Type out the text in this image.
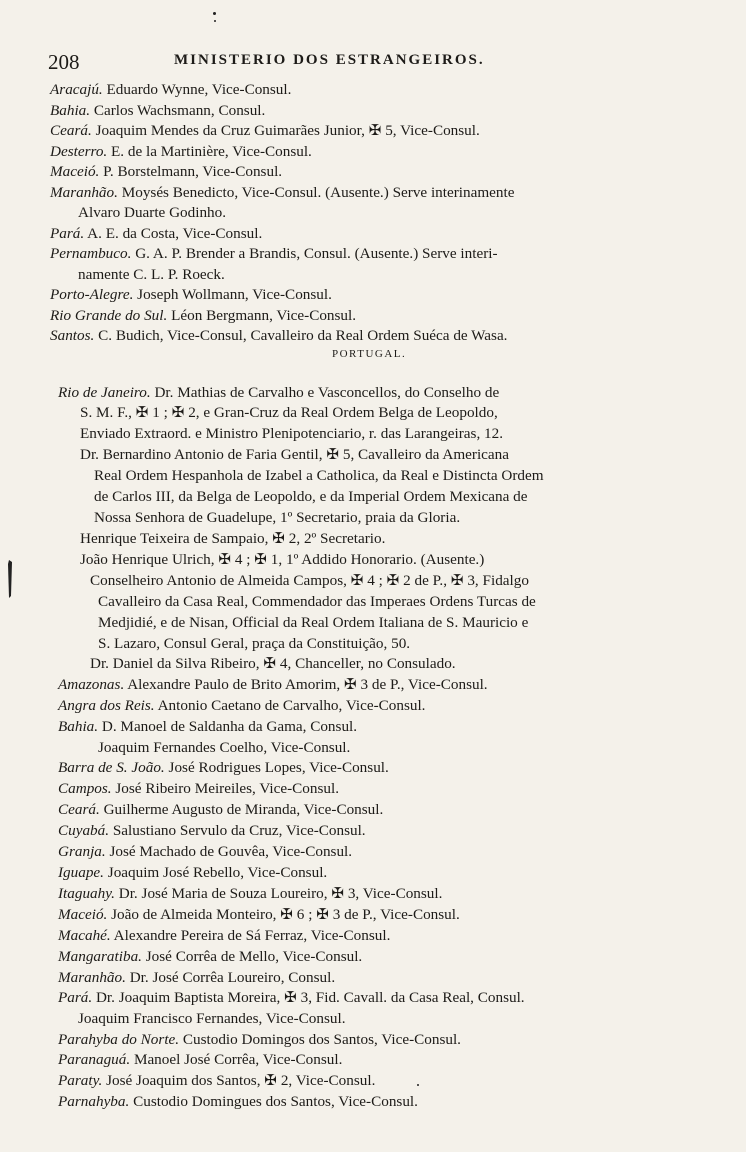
208	MINISTERIO DOS ESTRANGEIROS.
Aracajú. Eduardo Wynne, Vice-Consul.
Bahia. Carlos Wachsmann, Consul.
Ceará. Joaquim Mendes da Cruz Guimarães Junior, ✠ 5, Vice-Consul.
Desterro. E. de la Martinière, Vice-Consul.
Maceió. P. Borstelmann, Vice-Consul.
Maranhão. Moysés Benedicto, Vice-Consul. (Ausente.) Serve interinamente
Alvaro Duarte Godinho.
Pará. A. E. da Costa, Vice-Consul.
Pernambuco. G. A. P. Brender a Brandis, Consul. (Ausente.) Serve interi-
namente C. L. P. Roeck.
Porto-Alegre. Joseph Wollmann, Vice-Consul.
Rio Grande do Sul. Léon Bergmann, Vice-Consul.
Santos. C. Budich, Vice-Consul, Cavalleiro da Real Ordem Suéca de Wasa.
Rio de Janeiro. Dr. Mathias de Carvalho e Vasconcellos, do Conselho de
S. M. F., ✠ 1 ; ✠ 2, e Gran-Cruz da Real Ordem Belga de Leopoldo,
Enviado Extraord. e Ministro Plenipotenciario, r. das Larangeiras, 12.
Dr. Bernardino Antonio de Faria Gentil, ✠ 5, Cavalleiro da Americana
Real Ordem Hespanhola de Izabel a Catholica, da Real e Distincta Ordem
de Carlos III, da Belga de Leopoldo, e da Imperial Ordem Mexicana de
Nossa Senhora de Guadelupe, 1º Secretario, praia da Gloria.
Henrique Teixeira de Sampaio, ✠ 2, 2º Secretario.
João Henrique Ulrich, ✠ 4 ; ✠ 1, 1º Addido Honorario. (Ausente.)
Conselheiro Antonio de Almeida Campos, ✠ 4 ; ✠ 2 de P., ✠ 3, Fidalgo
Cavalleiro da Casa Real, Commendador das Imperaes Ordens Turcas de
Medjidié, e de Nisan, Official da Real Ordem Italiana de S. Mauricio e
S. Lazaro, Consul Geral, praça da Constituição, 50.
Dr. Daniel da Silva Ribeiro, ✠ 4, Chanceller, no Consulado.
Amazonas. Alexandre Paulo de Brito Amorim, ✠ 3 de P., Vice-Consul.
Angra dos Reis. Antonio Caetano de Carvalho, Vice-Consul.
Bahia. D. Manoel de Saldanha da Gama, Consul.
Joaquim Fernandes Coelho, Vice-Consul.
Barra de S. João. José Rodrigues Lopes, Vice-Consul.
Campos. José Ribeiro Meireiles, Vice-Consul.
Ceará. Guilherme Augusto de Miranda, Vice-Consul.
Cuyabá. Salustiano Servulo da Cruz, Vice-Consul.
Granja. José Machado de Gouvêa, Vice-Consul.
Iguape. Joaquim José Rebello, Vice-Consul.
Itaguahy. Dr. José Maria de Souza Loureiro, ✠ 3, Vice-Consul.
Maceió. João de Almeida Monteiro, ✠ 6 ; ✠ 3 de P., Vice-Consul.
Macahé. Alexandre Pereira de Sá Ferraz, Vice-Consul.
Mangaratiba. José Corrêa de Mello, Vice-Consul.
Maranhão. Dr. José Corrêa Loureiro, Consul.
Pará. Dr. Joaquim Baptista Moreira, ✠ 3, Fid. Cavall. da Casa Real, Consul.
Joaquim Francisco Fernandes, Vice-Consul.
Parahyba do Norte. Custodio Domingos dos Santos, Vice-Consul.
Paranaguá. Manoel José Corrêa, Vice-Consul.
Paraty. José Joaquim dos Santos, ✠ 2, Vice-Consul.
Parnahyba. Custodio Domingues dos Santos, Vice-Consul.
PORTUGAL.
